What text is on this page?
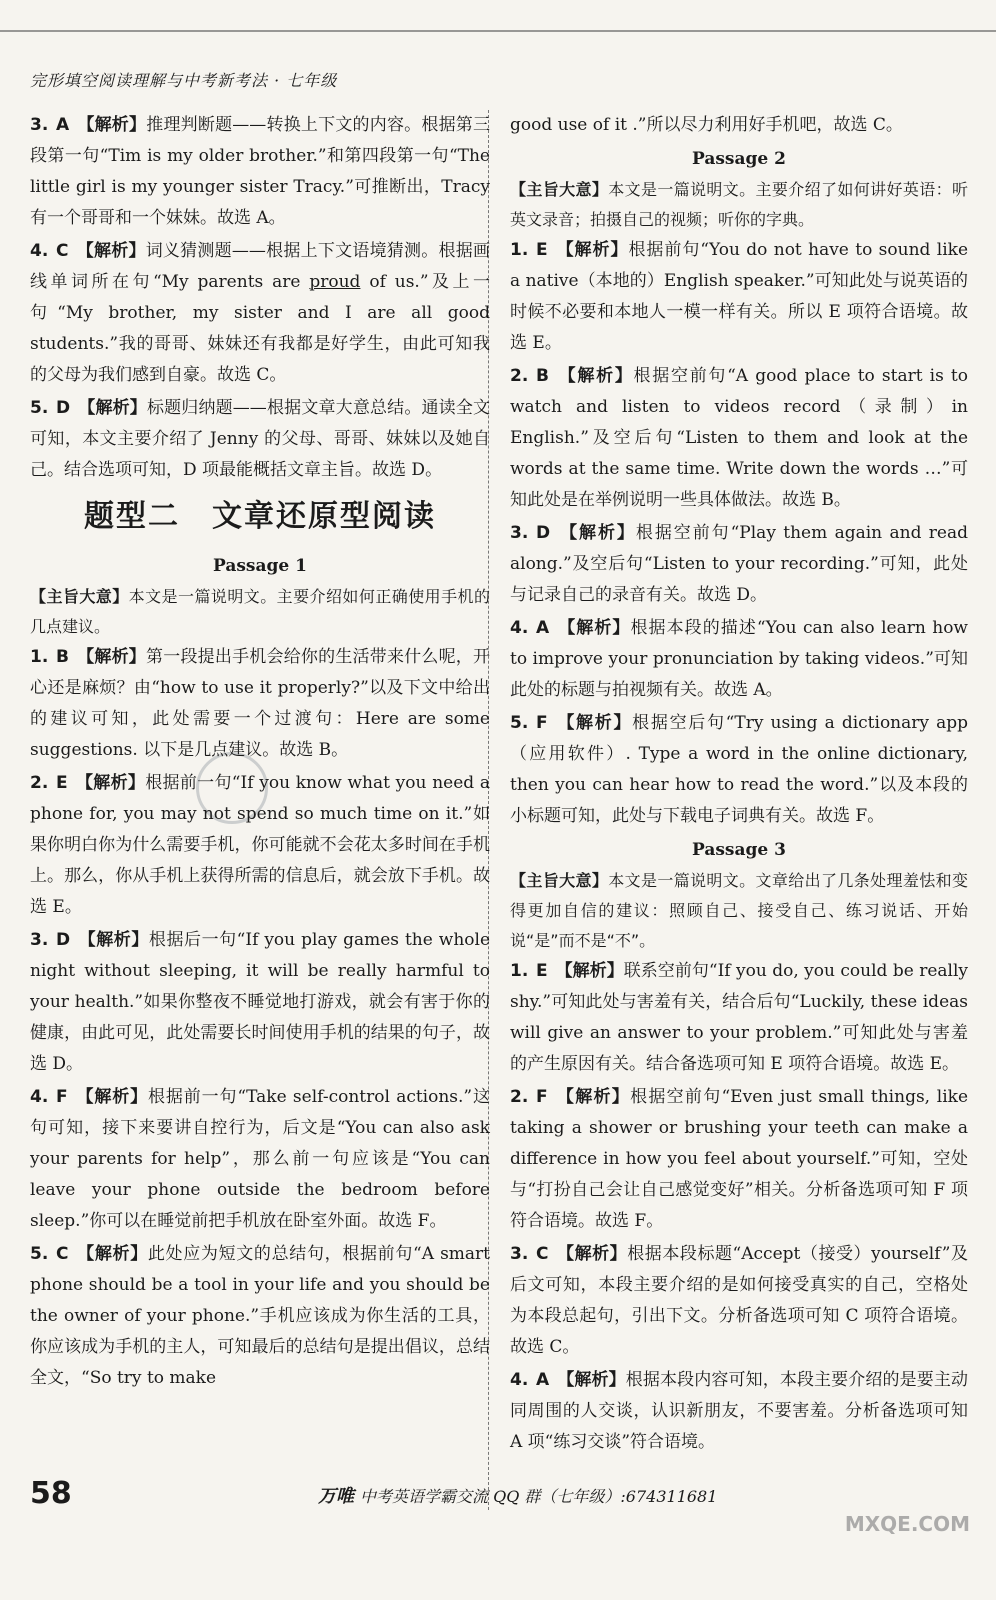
完形填空阅读理解与中考新考法 · 七年级
3. A 【解析】推理判断题——转换上下文的内容。根据第三段第一句“Tim is my older brother.”和第四段第一句“The little girl is my younger sister Tracy.”可推断出，Tracy 有一个哥哥和一个妹妹。故选 A。
4. C 【解析】词义猜测题——根据上下文语境猜测。根据画线单词所在句“My parents are proud of us.”及上一句“My brother, my sister and I are all good students.”我的哥哥、妹妹还有我都是好学生，由此可知我的父母为我们感到自豪。故选 C。
5. D 【解析】标题归纳题——根据文章大意总结。通读全文可知，本文主要介绍了 Jenny 的父母、哥哥、妹妹以及她自己。结合选项可知，D 项最能概括文章主旨。故选 D。
题型二　文章还原型阅读
Passage 1
【主旨大意】本文是一篇说明文。主要介绍如何正确使用手机的几点建议。
1. B 【解析】第一段提出手机会给你的生活带来什么呢，开心还是麻烦？由“how to use it properly?”以及下文中给出的建议可知，此处需要一个过渡句：Here are some suggestions. 以下是几点建议。故选 B。
2. E 【解析】根据前一句“If you know what you need a phone for, you may not spend so much time on it.”如果你明白你为什么需要手机，你可能就不会花太多时间在手机上。那么，你从手机上获得所需的信息后，就会放下手机。故选 E。
3. D 【解析】根据后一句“If you play games the whole night without sleeping, it will be really harmful to your health.”如果你整夜不睡觉地打游戏，就会有害于你的健康，由此可见，此处需要长时间使用手机的结果的句子，故选 D。
4. F 【解析】根据前一句“Take self-control actions.”这句可知，接下来要讲自控行为，后文是“You can also ask your parents for help”，那么前一句应该是“You can leave your phone outside the bedroom before sleep.”你可以在睡觉前把手机放在卧室外面。故选 F。
5. C 【解析】此处应为短文的总结句，根据前句“A smart phone should be a tool in your life and you should be the owner of your phone.”手机应该成为你生活的工具，你应该成为手机的主人，可知最后的总结句是提出倡议，总结全文，“So try to make
good use of it .”所以尽力利用好手机吧，故选 C。
Passage 2
【主旨大意】本文是一篇说明文。主要介绍了如何讲好英语：听英文录音；拍摄自己的视频；听你的字典。
1. E 【解析】根据前句“You do not have to sound like a native（本地的）English speaker.”可知此处与说英语的时候不必要和本地人一模一样有关。所以 E 项符合语境。故选 E。
2. B 【解析】根据空前句“A good place to start is to watch and listen to videos record（录制）in English.”及空后句“Listen to them and look at the words at the same time. Write down the words …”可知此处是在举例说明一些具体做法。故选 B。
3. D 【解析】根据空前句“Play them again and read along.”及空后句“Listen to your recording.”可知，此处与记录自己的录音有关。故选 D。
4. A 【解析】根据本段的描述“You can also learn how to improve your pronunciation by taking videos.”可知此处的标题与拍视频有关。故选 A。
5. F 【解析】根据空后句“Try using a dictionary app（应用软件）. Type a word in the online dictionary, then you can hear how to read the word.”以及本段的小标题可知，此处与下载电子词典有关。故选 F。
Passage 3
【主旨大意】本文是一篇说明文。文章给出了几条处理羞怯和变得更加自信的建议：照顾自己、接受自己、练习说话、开始说“是”而不是“不”。
1. E 【解析】联系空前句“If you do, you could be really shy.”可知此处与害羞有关，结合后句“Luckily, these ideas will give an answer to your problem.”可知此处与害羞的产生原因有关。结合备选项可知 E 项符合语境。故选 E。
2. F 【解析】根据空前句“Even just small things, like taking a shower or brushing your teeth can make a difference in how you feel about yourself.”可知，空处与“打扮自己会让自己感觉变好”相关。分析备选项可知 F 项符合语境。故选 F。
3. C 【解析】根据本段标题“Accept（接受）yourself”及后文可知，本段主要介绍的是如何接受真实的自己，空格处为本段总起句，引出下文。分析备选项可知 C 项符合语境。故选 C。
4. A 【解析】根据本段内容可知，本段主要介绍的是要主动同周围的人交谈，认识新朋友，不要害羞。分析备选项可知 A 项“练习交谈”符合语境。
58	万唯 中考英语学霸交流 QQ 群（七年级）:674311681
MXQE.COM
